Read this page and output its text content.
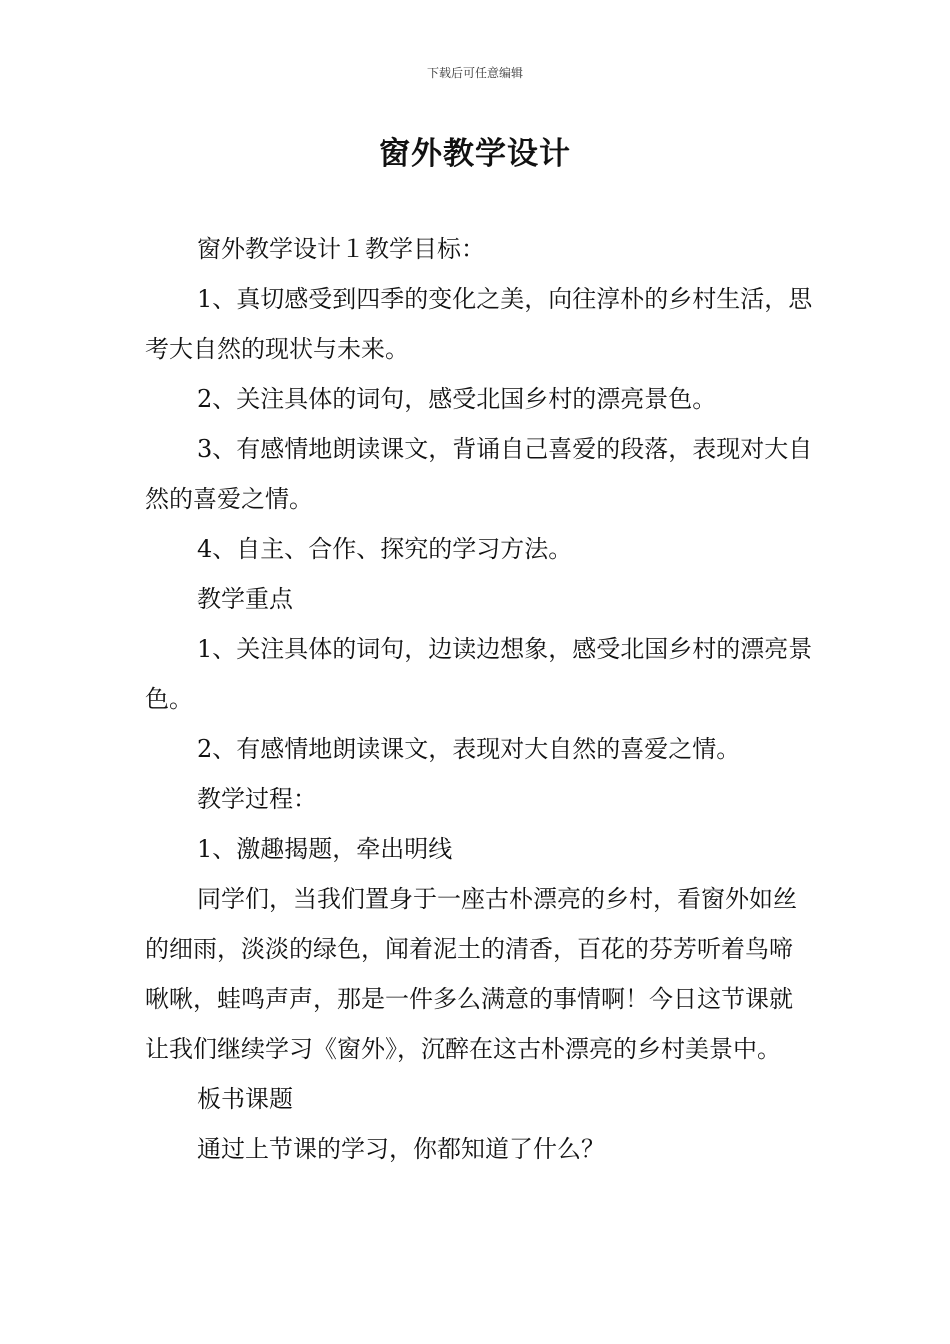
下载后可任意编辑
窗外教学设计

窗外教学设计１教学目标：

1、真切感受到四季的变化之美，向往淳朴的乡村生活，思考大自然的现状与未来。

2、关注具体的词句，感受北国乡村的漂亮景色。

3、有感情地朗读课文，背诵自己喜爱的段落，表现对大自然的喜爱之情。

4、自主、合作、探究的学习方法。

教学重点

1、关注具体的词句，边读边想象，感受北国乡村的漂亮景色。

2、有感情地朗读课文，表现对大自然的喜爱之情。

教学过程：

1、激趣揭题，牵出明线

同学们，当我们置身于一座古朴漂亮的乡村，看窗外如丝的细雨，淡淡的绿色，闻着泥土的清香，百花的芬芳听着鸟啼啾啾，蛙鸣声声，那是一件多么满意的事情啊！今日这节课就让我们继续学习《窗外》，沉醉在这古朴漂亮的乡村美景中。

板书课题

通过上节课的学习，你都知道了什么？
